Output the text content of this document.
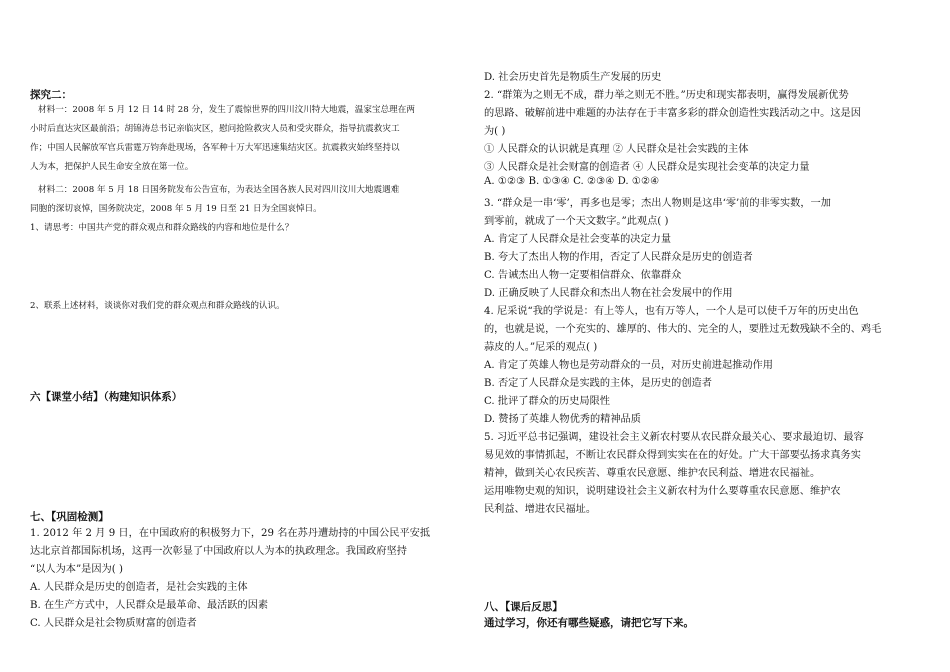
探究二：
材料一：2008 年 5 月 12 日 14 时 28 分，发生了震惊世界的四川汶川特大地震，温家宝总理在两
小时后直达灾区最前沿；胡锦涛总书记亲临灾区，慰问抢险救灾人员和受灾群众，指导抗震救灾工
作；中国人民解放军官兵雷霆万钧奔赴现场，各军种十万大军迅速集结灾区。抗震救灾始终坚持以
人为本，把保护人民生命安全放在第一位。
材料二：2008 年 5 月 18 日国务院发布公告宣布，为表达全国各族人民对四川汶川大地震遇难
同胞的深切哀悼，国务院决定，2008 年 5 月 19 日至 21 日为全国哀悼日。
1、请思考：中国共产党的群众观点和群众路线的内容和地位是什么？
2、联系上述材料，谈谈你对我们党的群众观点和群众路线的认识。
六【课堂小结】（构建知识体系）
七、【巩固检测】
1. 2012 年 2 月 9 日，在中国政府的积极努力下，29 名在苏丹遭劫持的中国公民平安抵
达北京首都国际机场，这再一次彰显了中国政府以人为本的执政理念。我国政府坚持
“以人为本”是因为( )
A. 人民群众是历史的创造者，是社会实践的主体
B. 在生产方式中，人民群众是最革命、最活跃的因素
C. 人民群众是社会物质财富的创造者
D. 社会历史首先是物质生产发展的历史
2. “群策为之则无不成，群力举之则无不胜。”历史和现实都表明，赢得发展新优势
的思路、破解前进中难题的办法存在于丰富多彩的群众创造性实践活动之中。这是因
为( )
① 人民群众的认识就是真理 ② 人民群众是社会实践的主体
③ 人民群众是社会财富的创造者 ④ 人民群众是实现社会变革的决定力量
A. ①②③ B. ①③④ C. ②③④ D. ①②④
3. “群众是一串‘零’，再多也是零；杰出人物则是这串‘零’前的非零实数，一加
到零前，就成了一个天文数字。”此观点( )
A. 肯定了人民群众是社会变革的决定力量
B. 夸大了杰出人物的作用，否定了人民群众是历史的创造者
C. 告诫杰出人物一定要相信群众、依靠群众
D. 正确反映了人民群众和杰出人物在社会发展中的作用
4. 尼采说“我的学说是：有上等人，也有万等人，一个人是可以使千万年的历史出色
的，也就是说，一个充实的、雄厚的、伟大的、完全的人，要胜过无数残缺不全的、鸡毛
蒜皮的人。”尼采的观点( )
A. 肯定了英雄人物也是劳动群众的一员，对历史前进起推动作用
B. 否定了人民群众是实践的主体，是历史的创造者
C. 批评了群众的历史局限性
D. 赞扬了英雄人物优秀的精神品质
5. 习近平总书记强调，建设社会主义新农村要从农民群众最关心、要求最迫切、最容
易见效的事情抓起，不断让农民群众得到实实在在的好处。广大干部要弘扬求真务实
精神，做到关心农民疾苦、尊重农民意愿、维护农民利益、增进农民福祉。
运用唯物史观的知识，说明建设社会主义新农村为什么要尊重农民意愿、维护农
民利益、增进农民福址。
八、【课后反思】
通过学习，你还有哪些疑惑，请把它写下来。
